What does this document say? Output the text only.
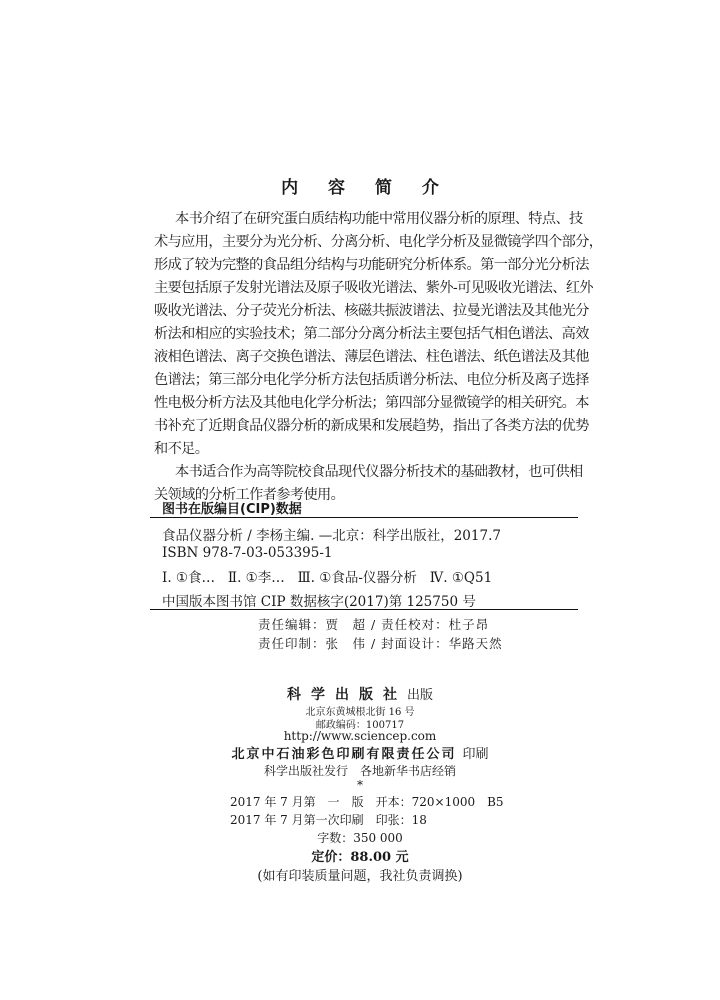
内 容 简 介
本书介绍了在研究蛋白质结构功能中常用仪器分析的原理、特点、技
术与应用，主要分为光分析、分离分析、电化学分析及显微镜学四个部分，
形成了较为完整的食品组分结构与功能研究分析体系。第一部分光分析法
主要包括原子发射光谱法及原子吸收光谱法、紫外-可见吸收光谱法、红外
吸收光谱法、分子荧光分析法、核磁共振波谱法、拉曼光谱法及其他光分
析法和相应的实验技术；第二部分分离分析法主要包括气相色谱法、高效
液相色谱法、离子交换色谱法、薄层色谱法、柱色谱法、纸色谱法及其他
色谱法；第三部分电化学分析方法包括质谱分析法、电位分析及离子选择
性电极分析方法及其他电化学分析法；第四部分显微镜学的相关研究。本
书补充了近期食品仪器分析的新成果和发展趋势，指出了各类方法的优势
和不足。
本书适合作为高等院校食品现代仪器分析技术的基础教材，也可供相
关领域的分析工作者参考使用。
图书在版编目(CIP)数据
食品仪器分析 / 李杨主编. —北京：科学出版社，2017.7
ISBN 978-7-03-053395-1
Ⅰ. ①食…   Ⅱ. ①李…   Ⅲ. ①食品-仪器分析   Ⅳ. ①Q51
中国版本图书馆 CIP 数据核字(2017)第 125750 号
责任编辑：贾　超 / 责任校对：杜子昂
责任印制：张　伟 / 封面设计：华路天然
科学出版社出版
北京东黄城根北街 16 号
邮政编码：100717
http://www.sciencep.com
北京中石油彩色印刷有限责任公司 印刷
科学出版社发行　各地新华书店经销
*
2017 年 7 月第　一　版　开本：720×1000　B5
2017 年 7 月第一次印刷　印张：18
字数：350 000
定价：88.00 元
(如有印装质量问题，我社负责调换)
